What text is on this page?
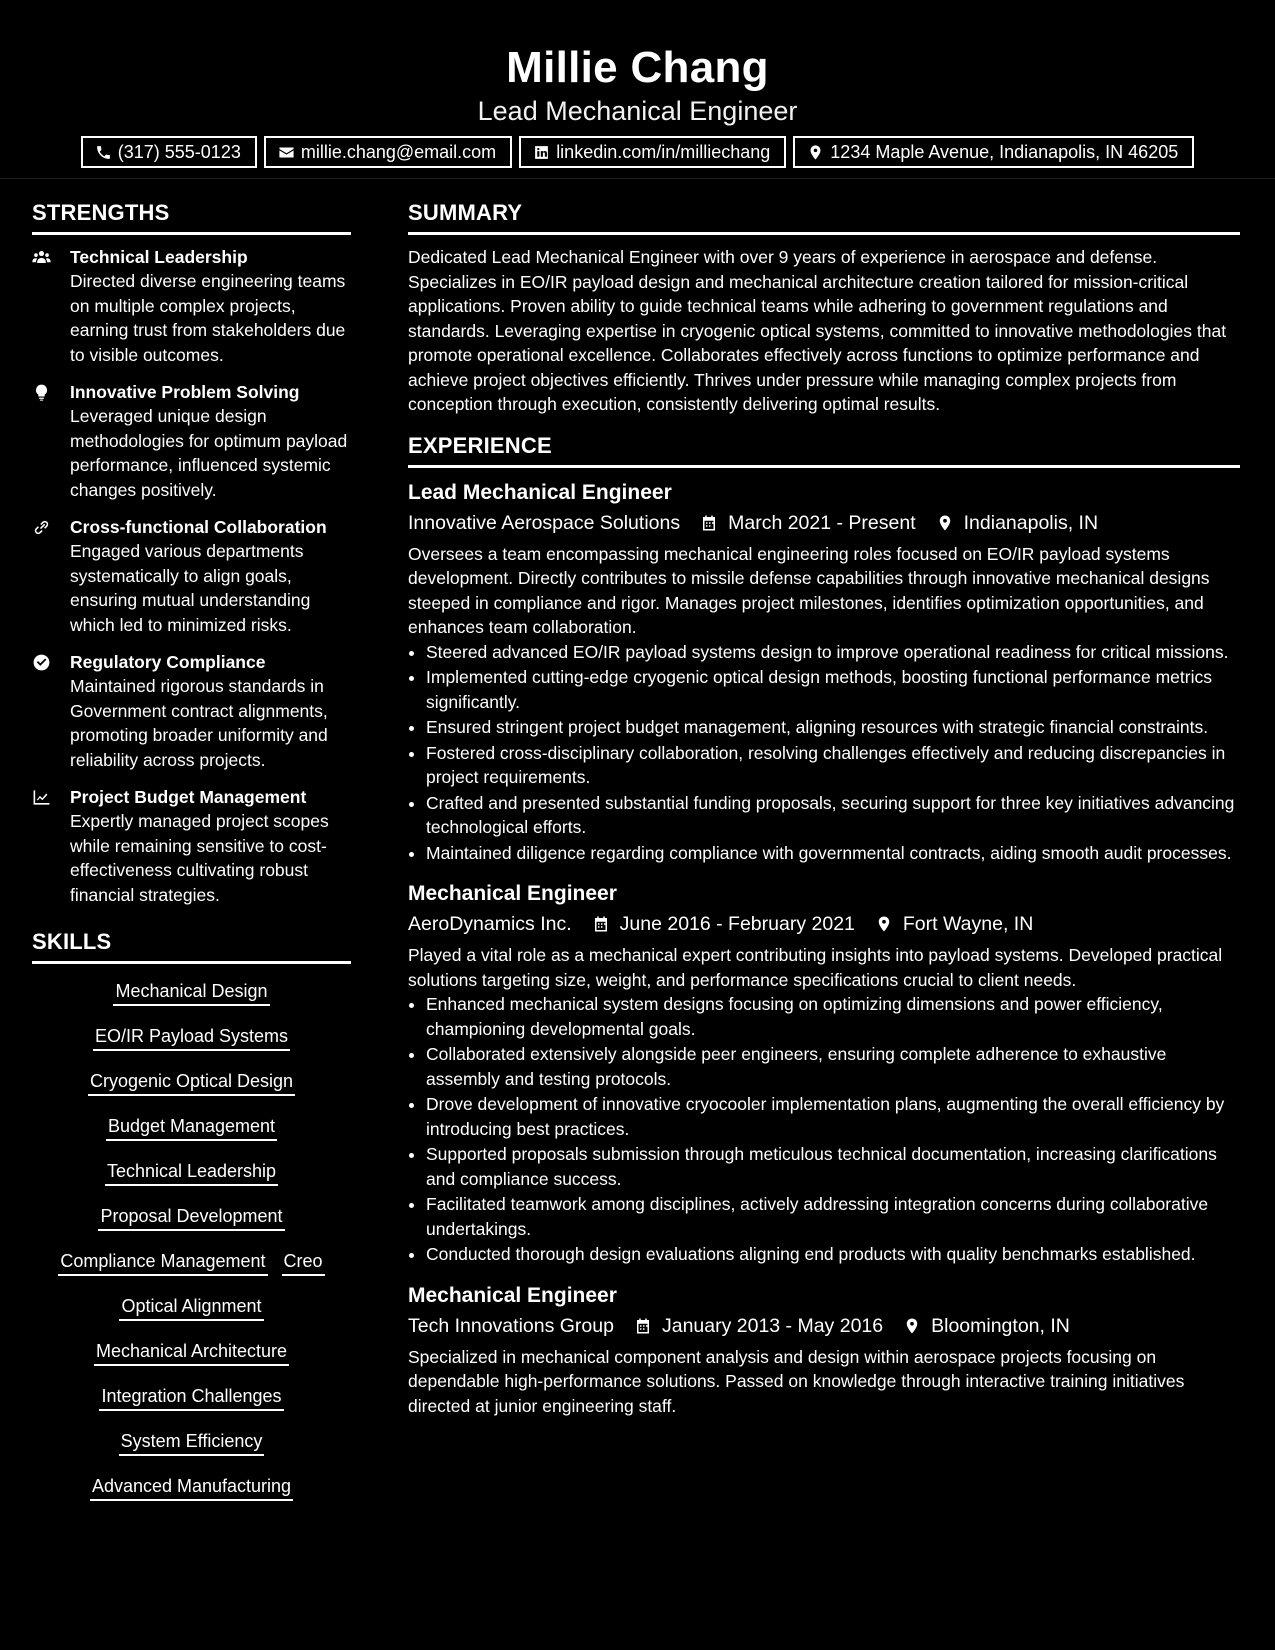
Millie Chang

Lead Mechanical Engineer

(317) 555-0123	millie.chang@email.com	linkedin.com/in/milliechang	1234 Maple Avenue, Indianapolis, IN 46205
STRENGTHS
Technical Leadership
Directed diverse engineering teams on multiple complex projects, earning trust from stakeholders due to visible outcomes.
Innovative Problem Solving
Leveraged unique design methodologies for optimum payload performance, influenced systemic changes positively.
Cross-functional Collaboration
Engaged various departments systematically to align goals, ensuring mutual understanding which led to minimized risks.
Regulatory Compliance
Maintained rigorous standards in Government contract alignments, promoting broader uniformity and reliability across projects.
Project Budget Management
Expertly managed project scopes while remaining sensitive to cost-effectiveness cultivating robust financial strategies.
SKILLS
Mechanical Design
EO/IR Payload Systems
Cryogenic Optical Design
Budget Management
Technical Leadership
Proposal Development
Compliance Management Creo
Optical Alignment
Mechanical Architecture
Integration Challenges
System Efficiency
Advanced Manufacturing
SUMMARY

Dedicated Lead Mechanical Engineer with over 9 years of experience in aerospace and defense. Specializes in EO/IR payload design and mechanical architecture creation tailored for mission-critical applications. Proven ability to guide technical teams while adhering to government regulations and standards. Leveraging expertise in cryogenic optical systems, committed to innovative methodologies that promote operational excellence. Collaborates effectively across functions to optimize performance and achieve project objectives efficiently. Thrives under pressure while managing complex projects from conception through execution, consistently delivering optimal results.

EXPERIENCE
Lead Mechanical Engineer
Innovative Aerospace Solutions March 2021 - Present Indianapolis, IN

Oversees a team encompassing mechanical engineering roles focused on EO/IR payload systems development. Directly contributes to missile defense capabilities through innovative mechanical designs steeped in compliance and rigor. Manages project milestones, identifies optimization opportunities, and enhances team collaboration.

• Steered advanced EO/IR payload systems design to improve operational readiness for critical missions.
• Implemented cutting-edge cryogenic optical design methods, boosting functional performance metrics significantly.
• Ensured stringent project budget management, aligning resources with strategic financial constraints.
• Fostered cross-disciplinary collaboration, resolving challenges effectively and reducing discrepancies in project requirements.
• Crafted and presented substantial funding proposals, securing support for three key initiatives advancing technological efforts.
• Maintained diligence regarding compliance with governmental contracts, aiding smooth audit processes.
Mechanical Engineer
AeroDynamics Inc. June 2016 - February 2021 Fort Wayne, IN

Played a vital role as a mechanical expert contributing insights into payload systems. Developed practical solutions targeting size, weight, and performance specifications crucial to client needs.

• Enhanced mechanical system designs focusing on optimizing dimensions and power efficiency, championing developmental goals.
• Collaborated extensively alongside peer engineers, ensuring complete adherence to exhaustive assembly and testing protocols.
• Drove development of innovative cryocooler implementation plans, augmenting the overall efficiency by introducing best practices.
• Supported proposals submission through meticulous technical documentation, increasing clarifications and compliance success.
• Facilitated teamwork among disciplines, actively addressing integration concerns during collaborative undertakings.
• Conducted thorough design evaluations aligning end products with quality benchmarks established.
Mechanical Engineer
Tech Innovations Group January 2013 - May 2016 Bloomington, IN

Specialized in mechanical component analysis and design within aerospace projects focusing on dependable high-performance solutions. Passed on knowledge through interactive training initiatives directed at junior engineering staff.
